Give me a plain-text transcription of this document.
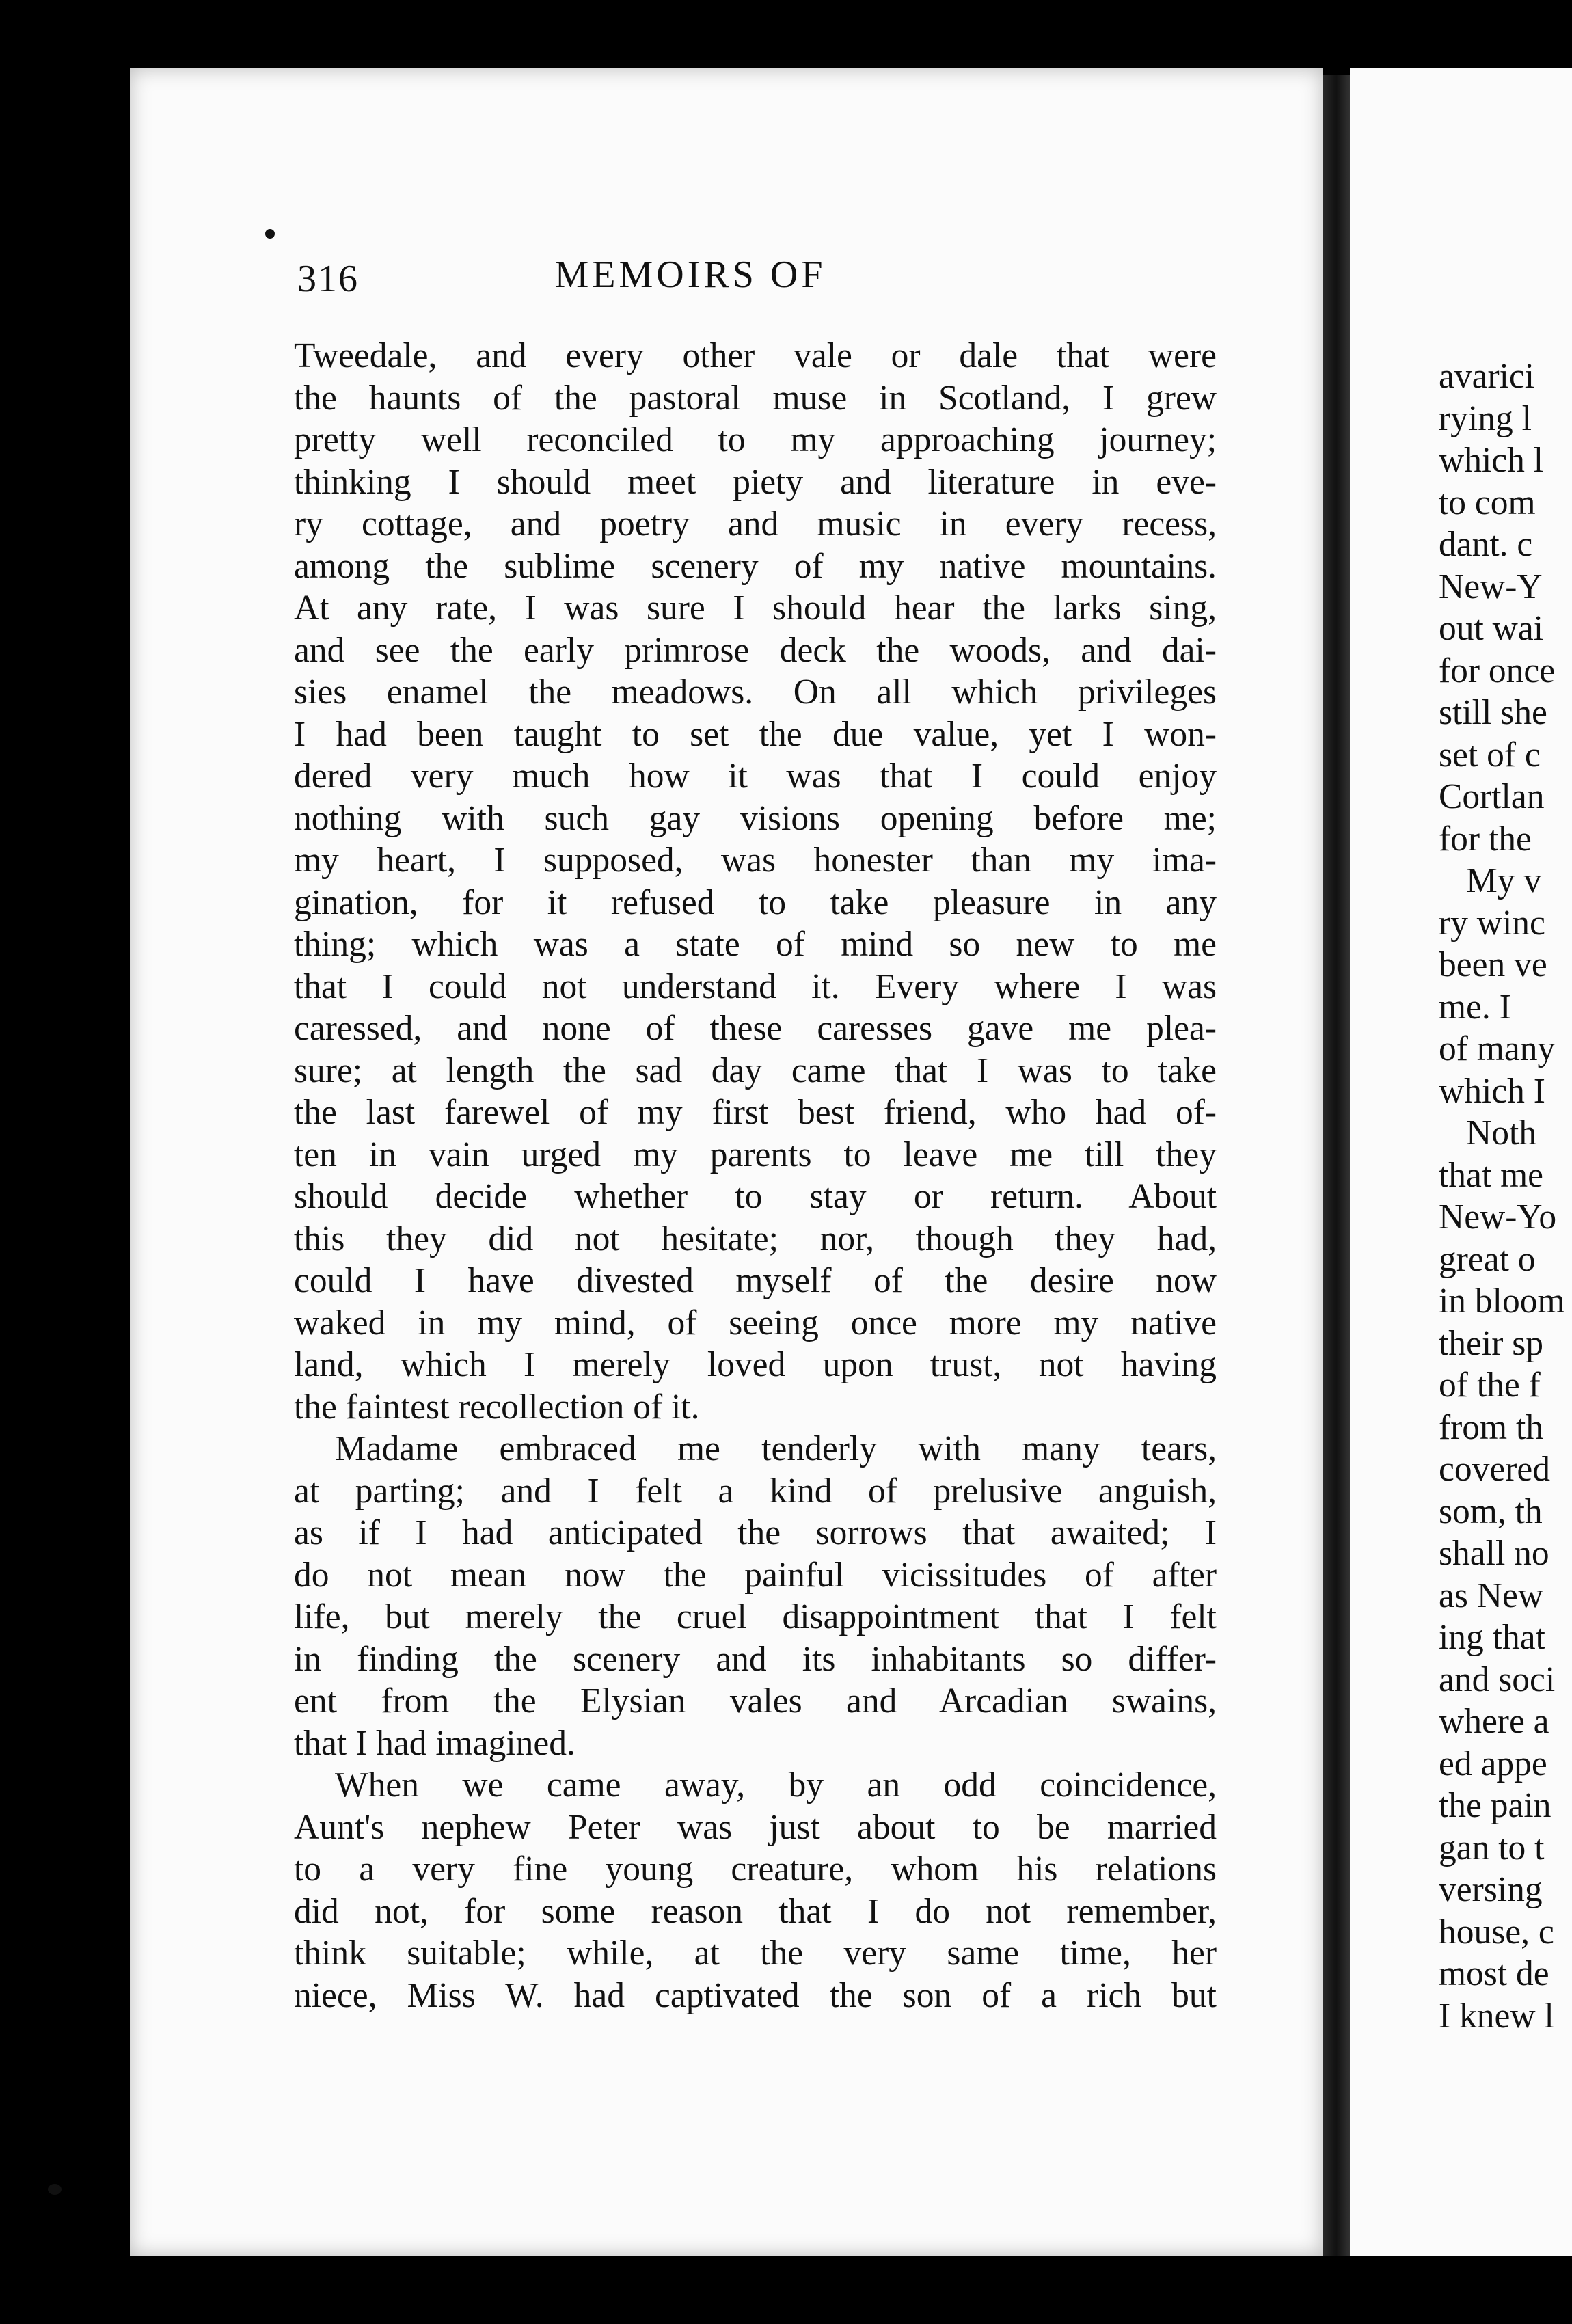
316	MEMOIRS OF
Tweedale, and every other vale or dale that were
the haunts of the pastoral muse in Scotland, I grew
pretty well reconciled to my approaching journey;
thinking I should meet piety and literature in eve-
ry cottage, and poetry and music in every recess,
among the sublime scenery of my native mountains.
At any rate, I was sure I should hear the larks sing,
and see the early primrose deck the woods, and dai-
sies enamel the meadows. On all which privileges
I had been taught to set the due value, yet I won-
dered very much how it was that I could enjoy
nothing with such gay visions opening before me;
my heart, I supposed, was honester than my ima-
gination, for it refused to take pleasure in any
thing; which was a state of mind so new to me
that I could not understand it. Every where I was
caressed, and none of these caresses gave me plea-
sure; at length the sad day came that I was to take
the last farewel of my first best friend, who had of-
ten in vain urged my parents to leave me till they
should decide whether to stay or return. About
this they did not hesitate; nor, though they had,
could I have divested myself of the desire now
waked in my mind, of seeing once more my native
land, which I merely loved upon trust, not having
the faintest recollection of it.
Madame embraced me tenderly with many tears,
at parting; and I felt a kind of prelusive anguish,
as if I had anticipated the sorrows that awaited; I
do not mean now the painful vicissitudes of after
life, but merely the cruel disappointment that I felt
in finding the scenery and its inhabitants so differ-
ent from the Elysian vales and Arcadian swains,
that I had imagined.
When we came away, by an odd coincidence,
Aunt's nephew Peter was just about to be married
to a very fine young creature, whom his relations
did not, for some reason that I do not remember,
think suitable; while, at the very same time, her
niece, Miss W. had captivated the son of a rich but
avarici
rying l
which l
to com
dant. c
New-Y
out wai
for once
still she
set of c
Cortlan
for the
My v
ry winc
been ve
me. I
of many
which I
Noth
that me
New-Yo
great o
in bloom
their sp
of the f
from th
covered
som, th
shall no
as New
ing that
and soci
where a
ed appe
the pain
gan to t
versing
house, c
most de
I knew l
